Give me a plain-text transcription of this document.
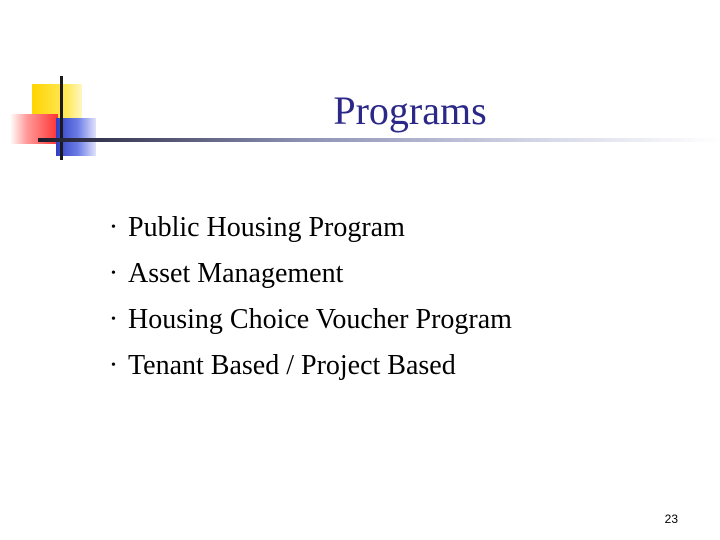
Programs
• Public Housing Program
• Asset Management
• Housing Choice Voucher Program
• Tenant Based / Project Based
23
